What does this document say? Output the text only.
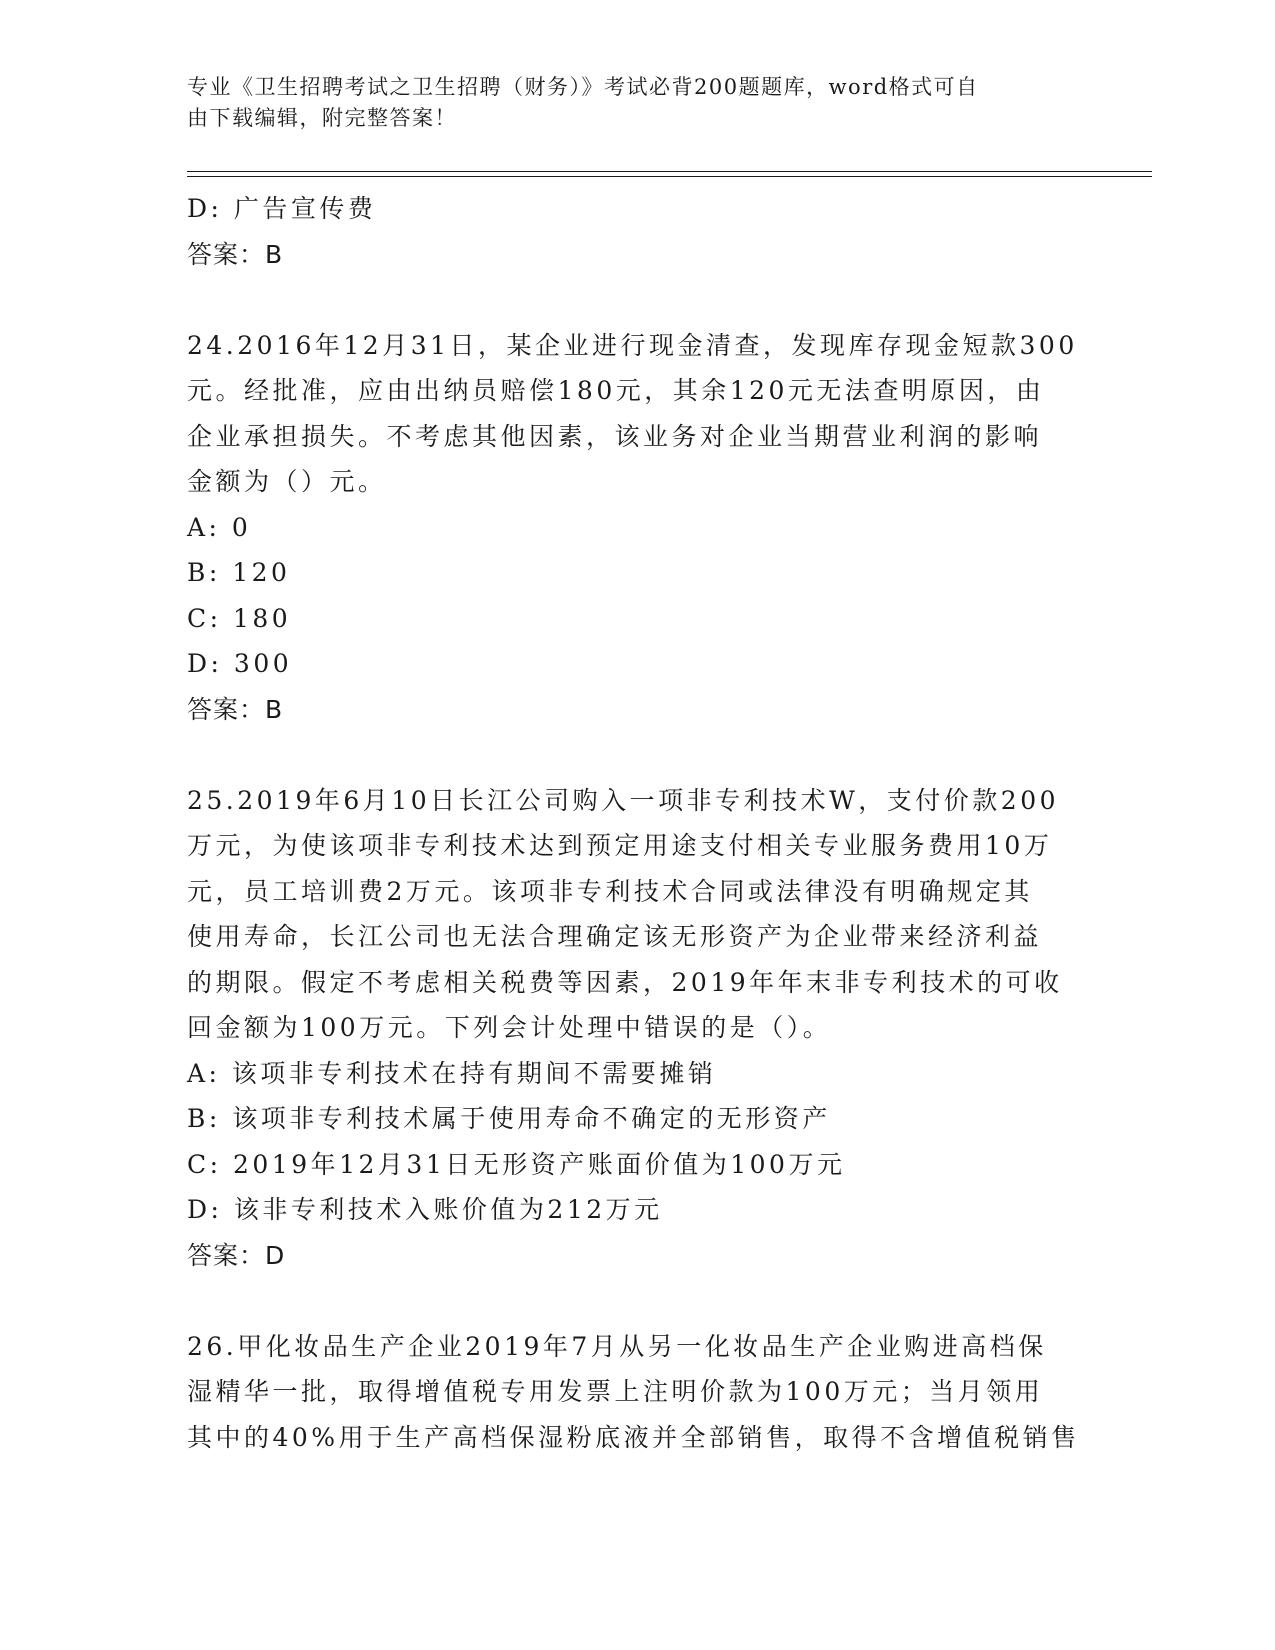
专业《卫生招聘考试之卫生招聘（财务）》考试必背200题题库，word格式可自
由下载编辑，附完整答案！
D: 广告宣传费
答案：B
24.2016年12月31日，某企业进行现金清查，发现库存现金短款300
元。经批准，应由出纳员赔偿180元，其余120元无法查明原因，由
企业承担损失。不考虑其他因素，该业务对企业当期营业利润的影响
金额为（）元。
A: 0
B: 120
C: 180
D: 300
答案：B
25.2019年6月10日长江公司购入一项非专利技术W，支付价款200
万元，为使该项非专利技术达到预定用途支付相关专业服务费用10万
元，员工培训费2万元。该项非专利技术合同或法律没有明确规定其
使用寿命，长江公司也无法合理确定该无形资产为企业带来经济利益
的期限。假定不考虑相关税费等因素，2019年年末非专利技术的可收
回金额为100万元。下列会计处理中错误的是（）。
A: 该项非专利技术在持有期间不需要摊销
B: 该项非专利技术属于使用寿命不确定的无形资产
C: 2019年12月31日无形资产账面价值为100万元
D: 该非专利技术入账价值为212万元
答案：D
26.甲化妆品生产企业2019年7月从另一化妆品生产企业购进高档保
湿精华一批，取得增值税专用发票上注明价款为100万元；当月领用
其中的40%用于生产高档保湿粉底液并全部销售，取得不含增值税销售
